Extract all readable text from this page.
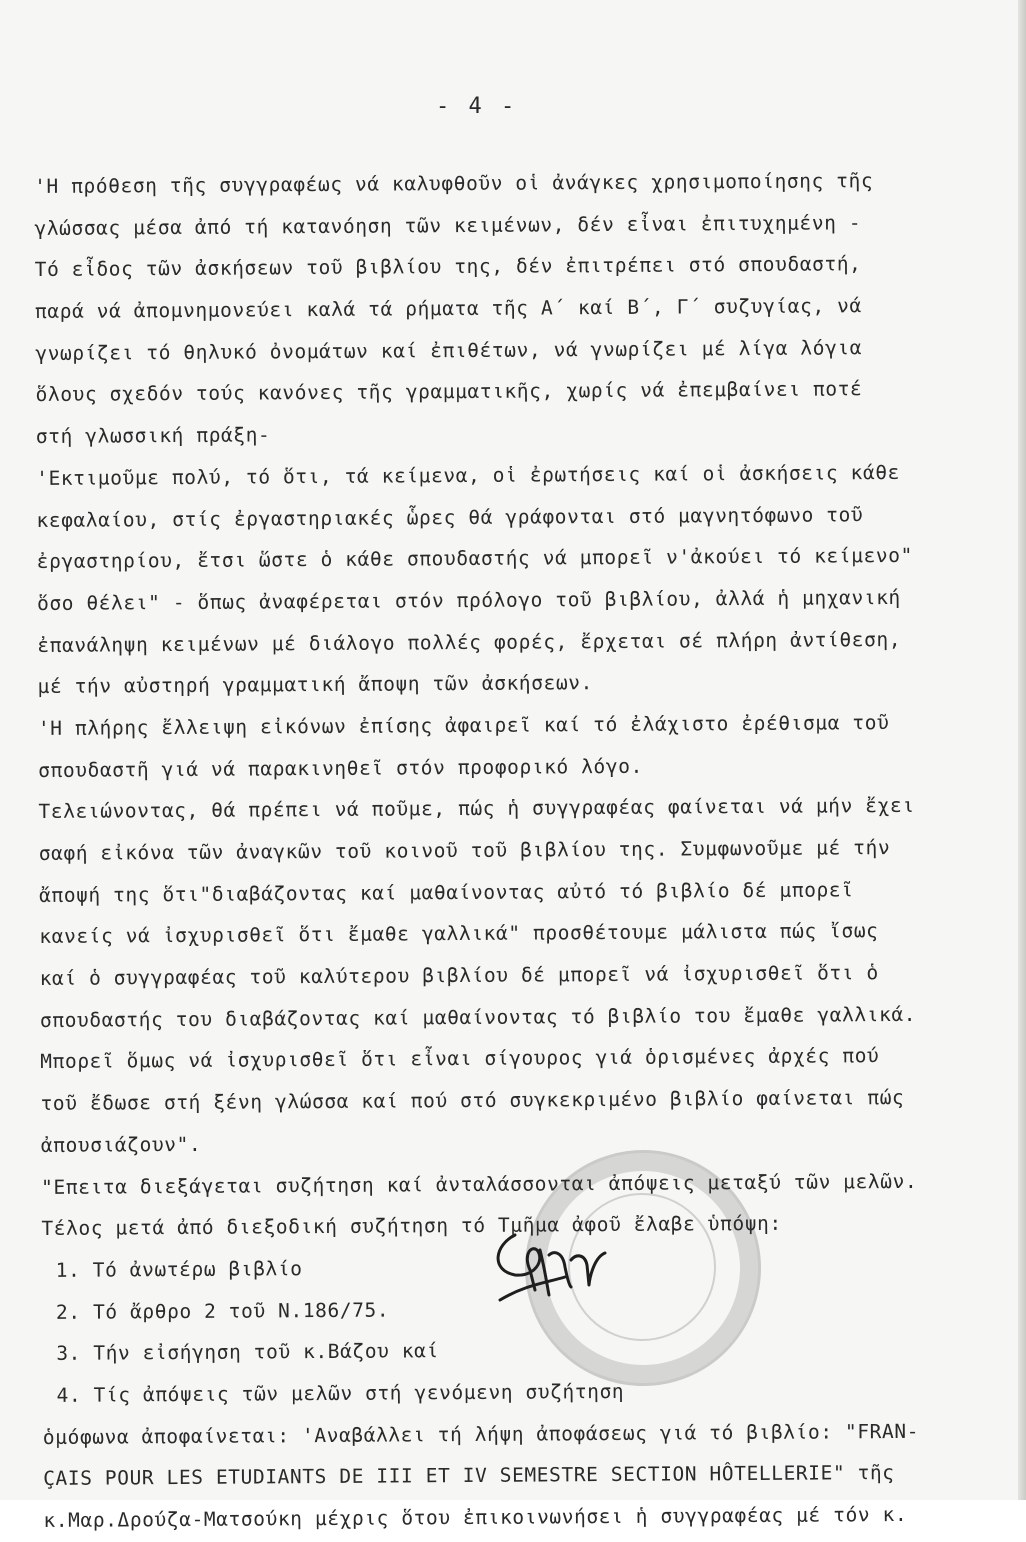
- 4 -
'Η πρόθεση τῆς συγγραφέως νά καλυφθοῦν οἱ ἀνάγκες χρησιμοποίησης τῆς
γλώσσας μέσα ἀπό τή κατανόηση τῶν κειμένων, δέν εἶναι ἐπιτυχημένη -
Τό εἶδος τῶν ἀσκήσεων τοῦ βιβλίου της, δέν ἐπιτρέπει στό σπουδαστή,
παρά νά ἀπομνημονεύει καλά τά ρήματα τῆς Α΄ καί Β΄, Γ΄ συζυγίας, νά
γνωρίζει τό θηλυκό ὀνομάτων καί ἐπιθέτων, νά γνωρίζει μέ λίγα λόγια
ὅλους σχεδόν τούς κανόνες τῆς γραμματικῆς, χωρίς νά ἐπεμβαίνει ποτέ
στή γλωσσική πράξη-
'Εκτιμοῦμε πολύ, τό ὅτι, τά κείμενα, οἱ ἐρωτήσεις καί οἱ ἀσκήσεις κάθε
κεφαλαίου, στίς ἐργαστηριακές ὧρες θά γράφονται στό μαγνητόφωνο τοῦ
ἐργαστηρίου, ἔτσι ὥστε ὁ κάθε σπουδαστής νά μπορεῖ ν'ἀκούει τό κείμενο"
ὅσο θέλει" - ὅπως ἀναφέρεται στόν πρόλογο τοῦ βιβλίου, ἀλλά ἡ μηχανική
ἐπανάληψη κειμένων μέ διάλογο πολλές φορές, ἔρχεται σέ πλήρη ἀντίθεση,
μέ τήν αὐστηρή γραμματική ἄποψη τῶν ἀσκήσεων.
'Η πλήρης ἔλλειψη εἰκόνων ἐπίσης ἀφαιρεῖ καί τό ἐλάχιστο ἐρέθισμα τοῦ
σπουδαστῆ γιά νά παρακινηθεῖ στόν προφορικό λόγο.
Τελειώνοντας, θά πρέπει νά ποῦμε, πώς ἡ συγγραφέας φαίνεται νά μήν ἔχει
σαφή εἰκόνα τῶν ἀναγκῶν τοῦ κοινοῦ τοῦ βιβλίου της. Συμφωνοῦμε μέ τήν
ἄποψή της ὅτι"διαβάζοντας καί μαθαίνοντας αὐτό τό βιβλίο δέ μπορεῖ
κανείς νά ἰσχυρισθεῖ ὅτι ἔμαθε γαλλικά" προσθέτουμε μάλιστα πώς ἴσως
καί ὁ συγγραφέας τοῦ καλύτερου βιβλίου δέ μπορεῖ νά ἰσχυρισθεῖ ὅτι ὁ
σπουδαστής του διαβάζοντας καί μαθαίνοντας τό βιβλίο του ἔμαθε γαλλικά.
Μπορεῖ ὅμως νά ἰσχυρισθεῖ ὅτι εἶναι σίγουρος γιά ὁρισμένες ἀρχές πού
τοῦ ἔδωσε στή ξένη γλώσσα καί πού στό συγκεκριμένο βιβλίο φαίνεται πώς
ἀπουσιάζουν".
"Επειτα διεξάγεται συζήτηση καί ἀνταλάσσονται ἀπόψεις μεταξύ τῶν μελῶν.
Τέλος μετά ἀπό διεξοδική συζήτηση τό Τμῆμα ἀφοῦ ἔλαβε ὑπόψη:
1. Τό ἀνωτέρω βιβλίο
2. Τό ἄρθρο 2 τοῦ Ν.186/75.
3. Τήν εἰσήγηση τοῦ κ.Βάζου καί
4. Τίς ἀπόψεις τῶν μελῶν στή γενόμενη συζήτηση
ὁμόφωνα ἀποφαίνεται: 'Αναβάλλει τή λήψη ἀποφάσεως γιά τό βιβλίο: "FRAN-
ÇAIS POUR LES ETUDIANTS DE III ET IV SEMESTRE SECTION HÔTELLERIE" τῆς
κ.Μαρ.Δρούζα-Ματσούκη μέχρις ὅτου ἐπικοινωνήσει ἡ συγγραφέας μέ τόν κ.
